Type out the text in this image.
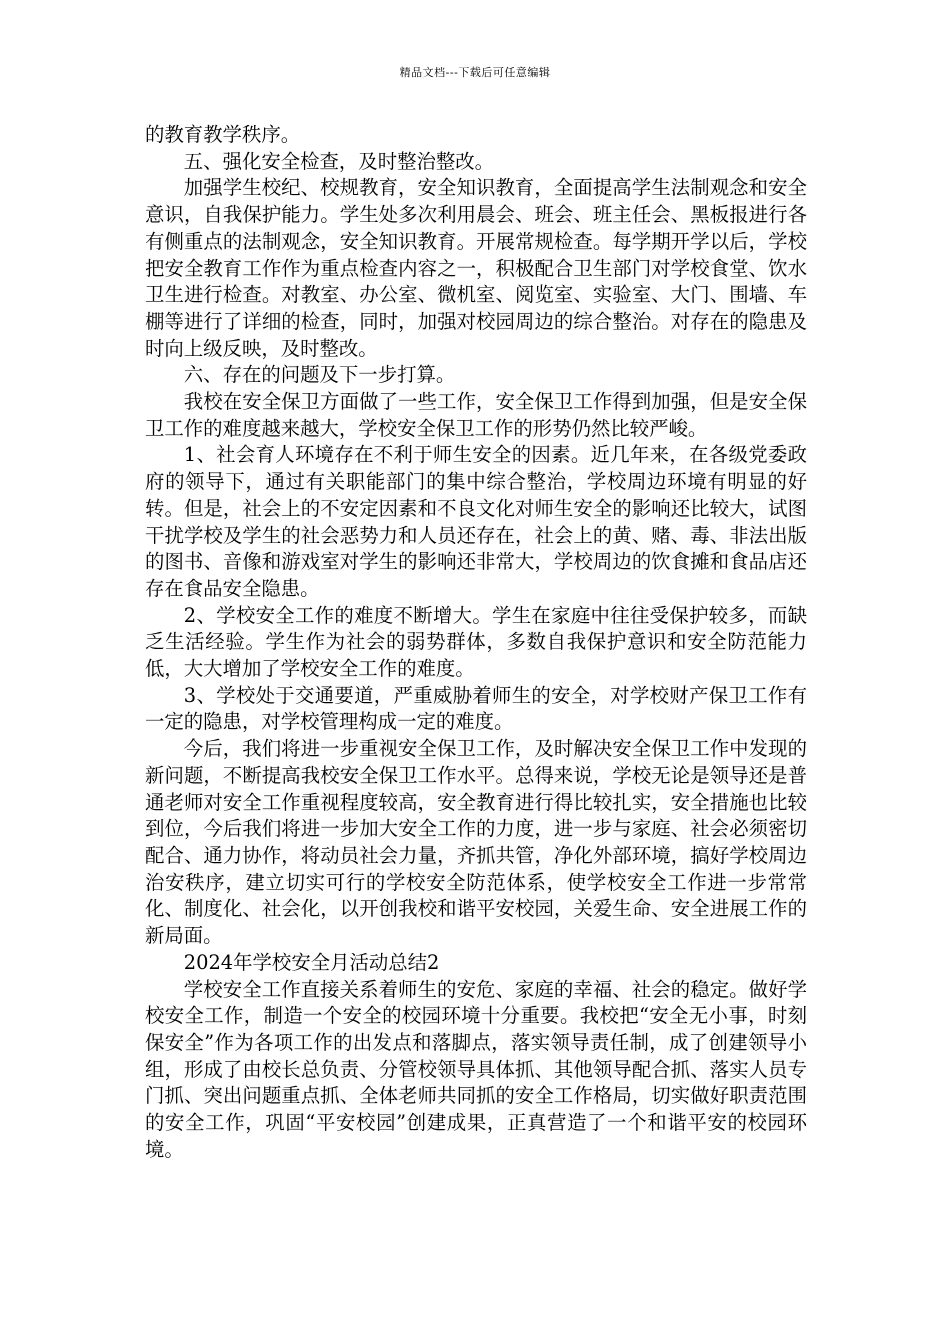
精品文档---下载后可任意编辑

的教育教学秩序。

五、强化安全检查，及时整治整改。

加强学生校纪、校规教育，安全知识教育，全面提高学生法制观念和安全意识，自我保护能力。学生处多次利用晨会、班会、班主任会、黑板报进行各有侧重点的法制观念，安全知识教育。开展常规检查。每学期开学以后，学校把安全教育工作作为重点检查内容之一，积极配合卫生部门对学校食堂、饮水卫生进行检查。对教室、办公室、微机室、阅览室、实验室、大门、围墙、车棚等进行了详细的检查，同时，加强对校园周边的综合整治。对存在的隐患及时向上级反映，及时整改。

六、存在的问题及下一步打算。

我校在安全保卫方面做了一些工作，安全保卫工作得到加强，但是安全保卫工作的难度越来越大，学校安全保卫工作的形势仍然比较严峻。

1、社会育人环境存在不利于师生安全的因素。近几年来，在各级党委政府的领导下，通过有关职能部门的集中综合整治，学校周边环境有明显的好转。但是，社会上的不安定因素和不良文化对师生安全的影响还比较大，试图干扰学校及学生的社会恶势力和人员还存在，社会上的黄、赌、毒、非法出版的图书、音像和游戏室对学生的影响还非常大，学校周边的饮食摊和食品店还存在食品安全隐患。

2、学校安全工作的难度不断增大。学生在家庭中往往受保护较多，而缺乏生活经验。学生作为社会的弱势群体，多数自我保护意识和安全防范能力低，大大增加了学校安全工作的难度。

3、学校处于交通要道，严重威胁着师生的安全，对学校财产保卫工作有一定的隐患，对学校管理构成一定的难度。

今后，我们将进一步重视安全保卫工作，及时解决安全保卫工作中发现的新问题，不断提高我校安全保卫工作水平。总得来说，学校无论是领导还是普通老师对安全工作重视程度较高，安全教育进行得比较扎实，安全措施也比较到位，今后我们将进一步加大安全工作的力度，进一步与家庭、社会必须密切配合、通力协作，将动员社会力量，齐抓共管，净化外部环境，搞好学校周边治安秩序，建立切实可行的学校安全防范体系，使学校安全工作进一步常常化、制度化、社会化，以开创我校和谐平安校园，关爱生命、安全进展工作的新局面。

2024年学校安全月活动总结2

学校安全工作直接关系着师生的安危、家庭的幸福、社会的稳定。做好学校安全工作，制造一个安全的校园环境十分重要。我校把“安全无小事，时刻保安全”作为各项工作的出发点和落脚点，落实领导责任制，成了创建领导小组，形成了由校长总负责、分管校领导具体抓、其他领导配合抓、落实人员专门抓、突出问题重点抓、全体老师共同抓的安全工作格局，切实做好职责范围的安全工作，巩固“平安校园”创建成果，正真营造了一个和谐平安的校园环境。
